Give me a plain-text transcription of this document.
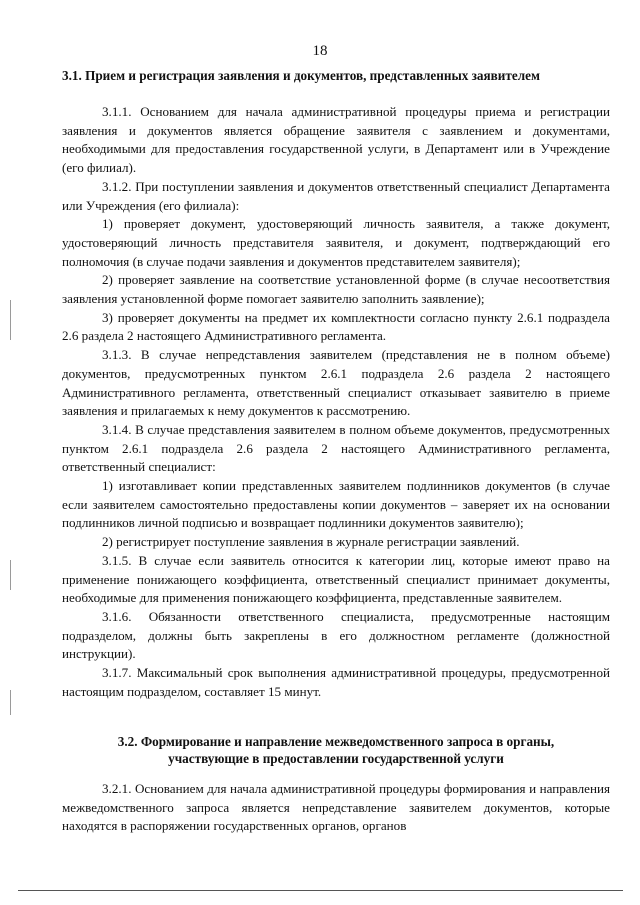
18
3.1. Прием и регистрация заявления и документов, представленных заявителем

3.1.1. Основанием для начала административной процедуры приема и регистрации заявления и документов является обращение заявителя с заявлением и документами, необходимыми для предоставления государственной услуги, в Департамент или в Учреждение (его филиал).

3.1.2. При поступлении заявления и документов ответственный специалист Департамента или Учреждения (его филиала):

1) проверяет документ, удостоверяющий личность заявителя, а также документ, удостоверяющий личность представителя заявителя, и документ, подтверждающий его полномочия (в случае подачи заявления и документов представителем заявителя);

2) проверяет заявление на соответствие установленной форме (в случае несоответствия заявления установленной форме помогает заявителю заполнить заявление);

3) проверяет документы на предмет их комплектности согласно пункту 2.6.1 подраздела 2.6 раздела 2 настоящего Административного регламента.

3.1.3. В случае непредставления заявителем (представления не в полном объеме) документов, предусмотренных пунктом 2.6.1 подраздела 2.6 раздела 2 настоящего Административного регламента, ответственный специалист отказывает заявителю в приеме заявления и прилагаемых к нему документов к рассмотрению.

3.1.4. В случае представления заявителем в полном объеме документов, предусмотренных пунктом 2.6.1 подраздела 2.6 раздела 2 настоящего Административного регламента, ответственный специалист:

1) изготавливает копии представленных заявителем подлинников документов (в случае если заявителем самостоятельно предоставлены копии документов – заверяет их на основании подлинников личной подписью и возвращает подлинники документов заявителю);

2) регистрирует поступление заявления в журнале регистрации заявлений.

3.1.5. В случае если заявитель относится к категории лиц, которые имеют право на применение понижающего коэффициента, ответственный специалист принимает документы, необходимые для применения понижающего коэффициента, представленные заявителем.

3.1.6. Обязанности ответственного специалиста, предусмотренные настоящим подразделом, должны быть закреплены в его должностном регламенте (должностной инструкции).

3.1.7. Максимальный срок выполнения административной процедуры, предусмотренной настоящим подразделом, составляет 15 минут.

3.2. Формирование и направление межведомственного запроса в органы,
участвующие в предоставлении государственной услуги

3.2.1. Основанием для начала административной процедуры формирования и направления межведомственного запроса является непредставление заявителем документов, которые находятся в распоряжении государственных органов, органов
